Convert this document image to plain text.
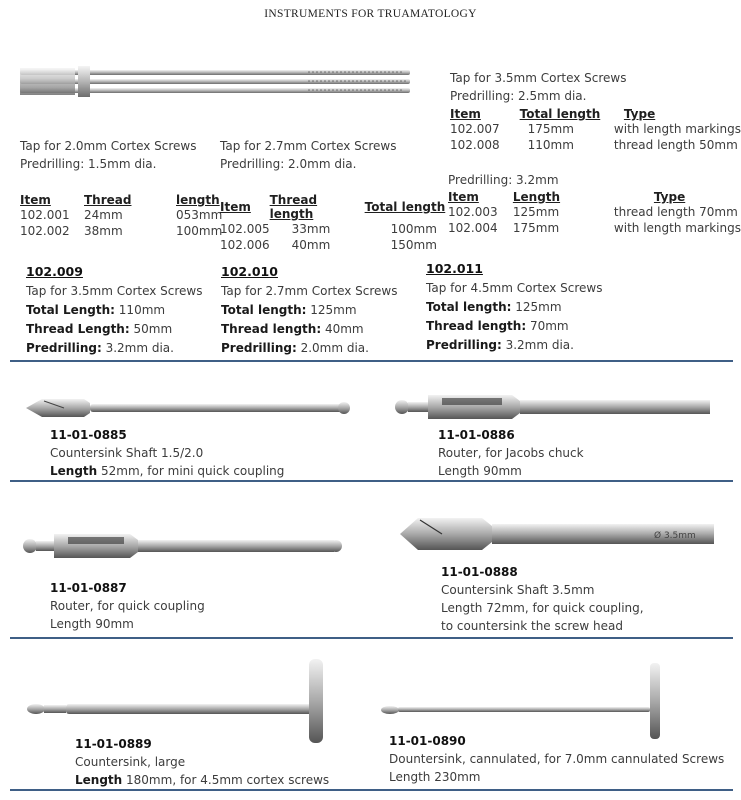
INSTRUMENTS FOR TRUAMATOLOGY
Tap for 2.0mm Cortex Screws
Predrilling: 1.5mm dia.
Item	Thread	length
102.001	24mm	053mm
102.002	38mm	100mm
Tap for 2.7mm Cortex Screws
Predrilling: 2.0mm dia.
Item	Thread length	Total length
102.005	33mm	100mm
102.006	40mm	150mm
Tap for 3.5mm Cortex Screws
Predrilling: 2.5mm dia.
Item	Total length	Type
102.007	175mm	with length markings
102.008	110mm	thread length 50mm
Predrilling: 3.2mm
Item	Length	Type
102.003	125mm	thread length 70mm
102.004	175mm	with length markings
102.009
Tap for 3.5mm Cortex Screws
Total Length: 110mm
Thread Length: 50mm
Predrilling: 3.2mm dia.
102.010
Tap for 2.7mm Cortex Screws
Total length: 125mm
Thread length: 40mm
Predrilling: 2.0mm dia.
102.011
Tap for 4.5mm Cortex Screws
Total length: 125mm
Thread length: 70mm
Predrilling: 3.2mm dia.
11-01-0885
Countersink Shaft 1.5/2.0
Length 52mm, for mini quick coupling
11-01-0886
Router, for Jacobs chuck
Length 90mm
11-01-0887
Router, for quick coupling
Length 90mm
Ø 3.5mm
11-01-0888
Countersink Shaft 3.5mm
Length 72mm, for quick coupling,
to countersink the screw head
11-01-0889
Countersink, large
Length 180mm, for 4.5mm cortex screws
11-01-0890
Dountersink, cannulated, for 7.0mm cannulated Screws
Length 230mm
